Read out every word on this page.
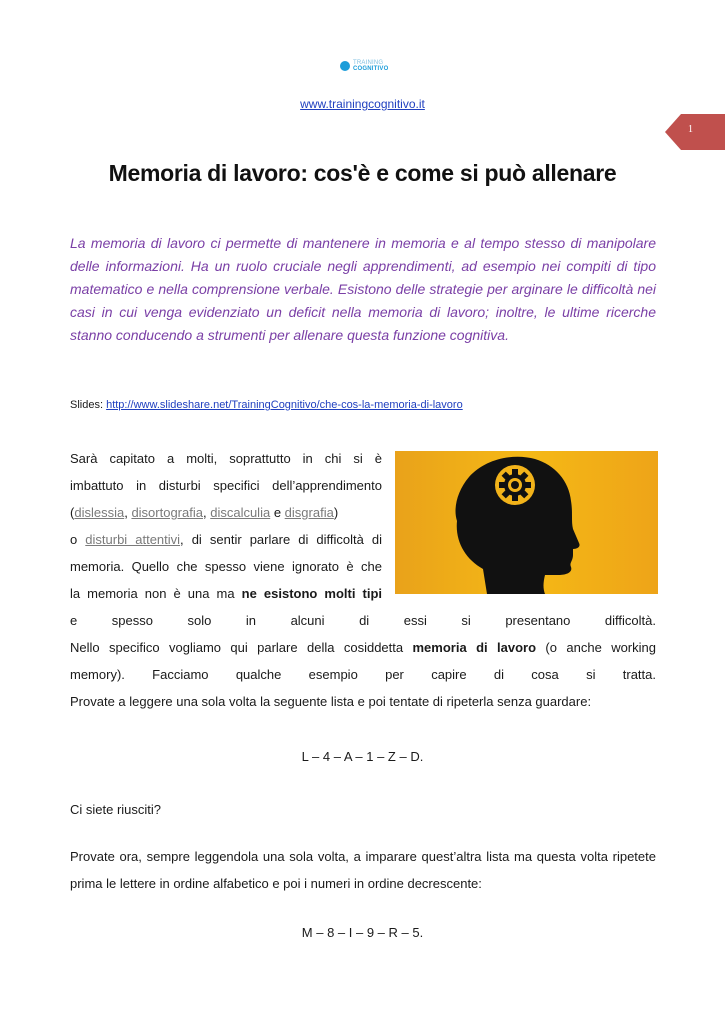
TRAINING
COGNITIVO
www.trainingcognitivo.it
1
Memoria di lavoro: cos'è e come si può allenare
La memoria di lavoro ci permette di mantenere in memoria e al tempo stesso di manipolare delle informazioni. Ha un ruolo cruciale negli apprendimenti, ad esempio nei compiti di tipo matematico e nella comprensione verbale. Esistono delle strategie per arginare le difficoltà nei casi in cui venga evidenziato un deficit nella memoria di lavoro; inoltre, le ultime ricerche stanno conducendo a strumenti per allenare questa funzione cognitiva.
Slides: http://www.slideshare.net/TrainingCognitivo/che-cos-la-memoria-di-lavoro
Sarà capitato a molti, soprattutto in chi si è
imbattuto in disturbi specifici dell’apprendimento
(dislessia, disortografia, discalculia e disgrafia)
o disturbi attentivi, di sentir parlare di difficoltà di
memoria. Quello che spesso viene ignorato è che
la memoria non è una ma ne esistono molti tipi
e spesso solo in alcuni di essi si presentano difficoltà.
Nello specifico vogliamo qui parlare della cosiddetta memoria di lavoro (o anche working
memory). Facciamo qualche esempio per capire di cosa si tratta.
Provate a leggere una sola volta la seguente lista e poi tentate di ripeterla senza guardare:
L – 4 – A – 1 – Z – D.
Ci siete riusciti?
Provate ora, sempre leggendola una sola volta, a imparare quest’altra lista ma questa volta ripetete prima le lettere in ordine alfabetico e poi i numeri in ordine decrescente:
M – 8 – I – 9 – R – 5.
